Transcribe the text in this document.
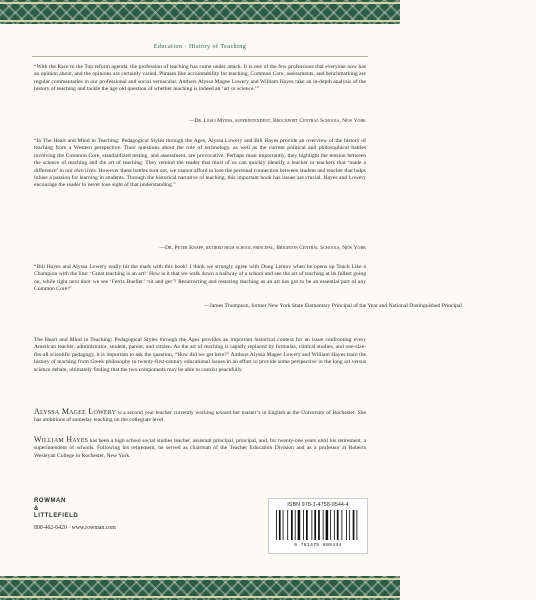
Education · History of Teaching

“With the Race to the Top reform agenda, the profession of teaching has come under attack. It is one of the few professions that everyone now has an opinion about, and the opinions are certainly varied. Phrases like accountability for teaching, Common Core, assessments, and benchmarking are regular commentaries in our professional and social vernacular. Authors Alyssa Magee Lowery and William Hayes take an in-depth analysis of the history of teaching and tackle the age old question of whether teaching is indeed an ‘art or science.’”

—Dr. Lesli Myers, superintendent, Brockport Central Schools, New York

“In The Heart and Mind in Teaching: Pedagogical Styles through the Ages, Alyssa Lowery and Bill Hayes provide an overview of the history of teaching from a Western perspective. Their questions about the role of technology, as well as the current political and philosophical battles involving the Common Core, standardized testing, and assessment, are provocative. Perhaps most importantly, they highlight the tension between the science of teaching and the art of teaching. They remind the reader that most of us can quickly identify a teacher or teachers that ‘made a difference’ in our own lives. However these battles turn out, we cannot afford to lose the personal connection between student and teacher that helps infuse a passion for learning in students. Through the historical narrative of teaching, this important book has issues are crucial. Hayes and Lowery encourage the reader to never lose sight of that understanding.”

—Dr. Peter Knapp, retired high school principal, Brighton Central Schools, New York

“Bill Hayes and Alyssa Lowery really hit the mark with this book! I think we strongly agree with Doug Lemov when he opens up Teach Like a Champion with the line: ‘Great teaching is an art!’ How is it that we walk down a hallway of a school and see the art of teaching at its fullest going on, while right next door we see ‘Ferris Bueller’ ‘sit and get’? Resurrecting and restoring teaching as an art has got to be an essential part of any Common Core!”

—James Thompson, former New York State Elementary Principal of the Year and National Distinguished Principal

The Heart and Mind in Teaching: Pedagogical Styles through the Ages provides an important historical context for an issue confronting every American teacher, administrator, student, parent, and citizen. As the art of teaching is rapidly replaced by formulas, clinical studies, and one-size-fits-all scientific pedagogy, it is important to ask the question, “How did we get here?” Authors Alyssa Magee Lowery and William Hayes trace the history of teaching from Greek philosophy to twenty-first-century educational issues in an effort to provide some perspective in the long art versus science debate, ultimately finding that the two components may be able to coexist peacefully.

Alyssa Magee Lowery is a second year teacher currently working toward her master’s in English at the University of Rochester. She has ambitions of someday teaching on the collegiate level.

William Hayes has been a high school social studies teacher, assistant principal, principal, and, for twenty-one years until his retirement, a superintendent of schools. Following his retirement, he served as chairman of the Teacher Education Division and as a professor at Roberts Wesleyan College in Rochester, New York.

ROWMAN
&
LITTLEFIELD
800-462-6420 · www.rowman.com
ISBN 978-1-4758-0544-4
9 781475 805444
